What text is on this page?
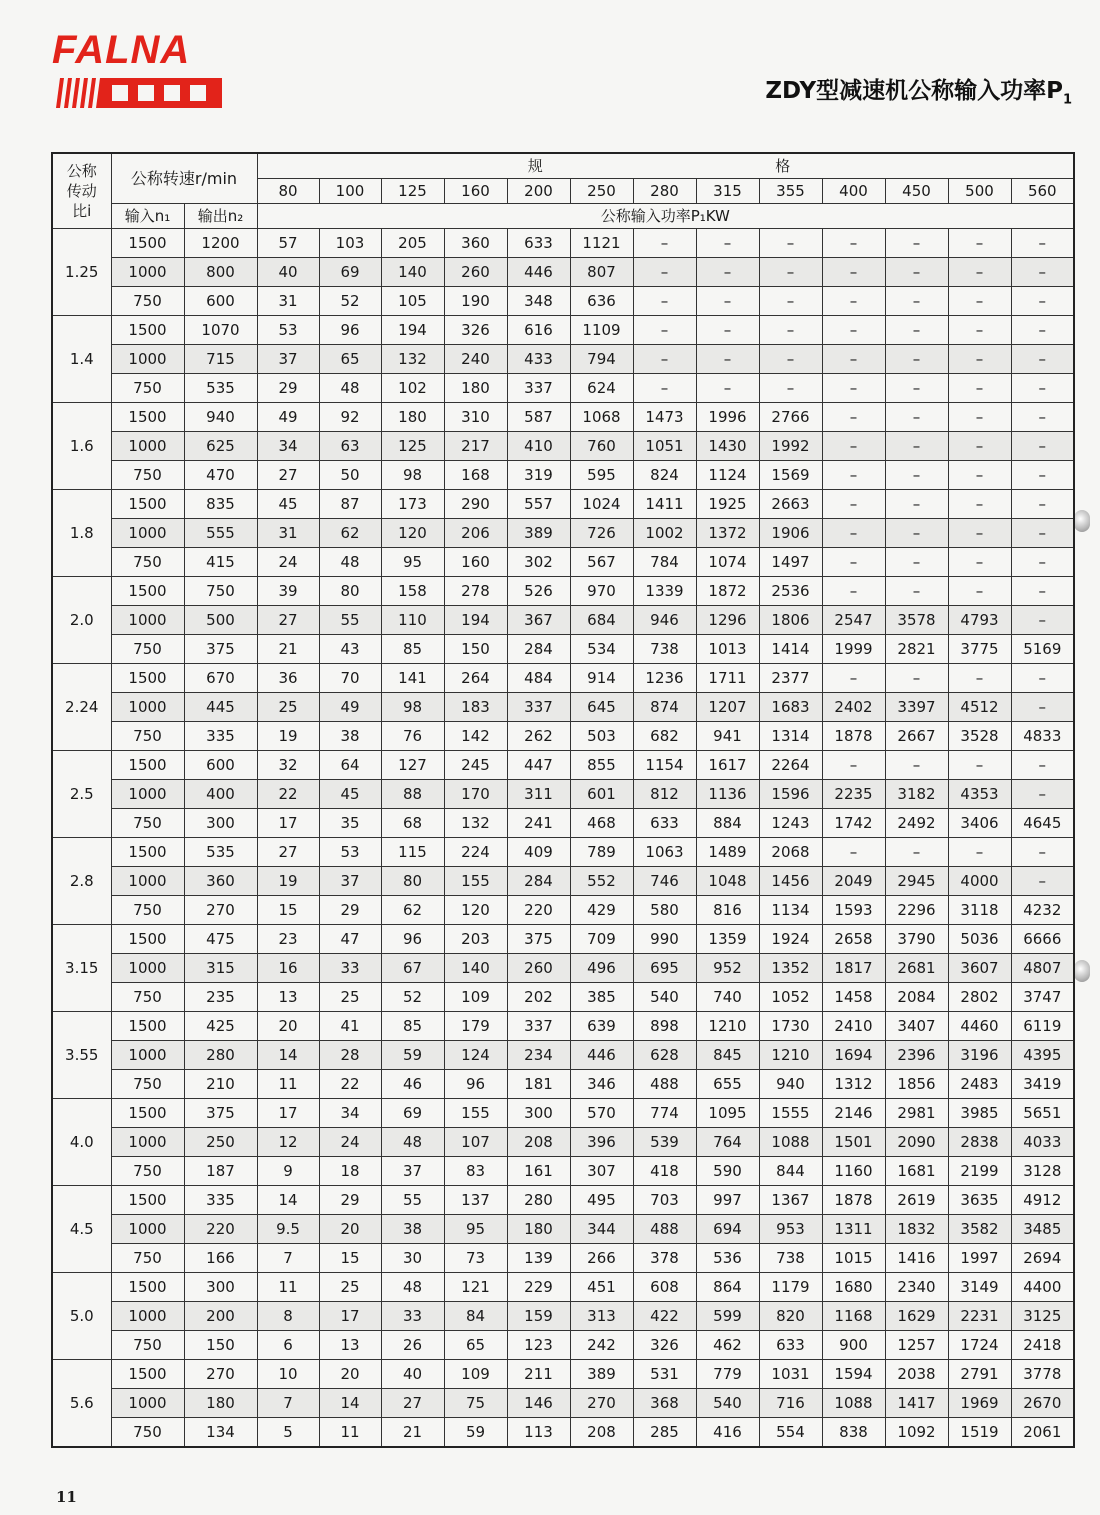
FALNA
ZDY型减速机公称输入功率$P_1$
公称
传动
比i	公称转速r/min		规 格												
			80	100	125	160	200	250	280	315	355	400	450	500	560
	输入n₁	输出n₂	公称输入功率P₁KW												
1.25	1500	1200	57	103	205	360	633	1121	–	–	–	–	–	–	–
	1000	800	40	69	140	260	446	807	–	–	–	–	–	–	–
	750	600	31	52	105	190	348	636	–	–	–	–	–	–	–
1.4	1500	1070	53	96	194	326	616	1109	–	–	–	–	–	–	–
	1000	715	37	65	132	240	433	794	–	–	–	–	–	–	–
	750	535	29	48	102	180	337	624	–	–	–	–	–	–	–
1.6	1500	940	49	92	180	310	587	1068	1473	1996	2766	–	–	–	–
	1000	625	34	63	125	217	410	760	1051	1430	1992	–	–	–	–
	750	470	27	50	98	168	319	595	824	1124	1569	–	–	–	–
1.8	1500	835	45	87	173	290	557	1024	1411	1925	2663	–	–	–	–
	1000	555	31	62	120	206	389	726	1002	1372	1906	–	–	–	–
	750	415	24	48	95	160	302	567	784	1074	1497	–	–	–	–
2.0	1500	750	39	80	158	278	526	970	1339	1872	2536	–	–	–	–
	1000	500	27	55	110	194	367	684	946	1296	1806	2547	3578	4793	–
	750	375	21	43	85	150	284	534	738	1013	1414	1999	2821	3775	5169
2.24	1500	670	36	70	141	264	484	914	1236	1711	2377	–	–	–	–
	1000	445	25	49	98	183	337	645	874	1207	1683	2402	3397	4512	–
	750	335	19	38	76	142	262	503	682	941	1314	1878	2667	3528	4833
2.5	1500	600	32	64	127	245	447	855	1154	1617	2264	–	–	–	–
	1000	400	22	45	88	170	311	601	812	1136	1596	2235	3182	4353	–
	750	300	17	35	68	132	241	468	633	884	1243	1742	2492	3406	4645
2.8	1500	535	27	53	115	224	409	789	1063	1489	2068	–	–	–	–
	1000	360	19	37	80	155	284	552	746	1048	1456	2049	2945	4000	–
	750	270	15	29	62	120	220	429	580	816	1134	1593	2296	3118	4232
3.15	1500	475	23	47	96	203	375	709	990	1359	1924	2658	3790	5036	6666
	1000	315	16	33	67	140	260	496	695	952	1352	1817	2681	3607	4807
	750	235	13	25	52	109	202	385	540	740	1052	1458	2084	2802	3747
3.55	1500	425	20	41	85	179	337	639	898	1210	1730	2410	3407	4460	6119
	1000	280	14	28	59	124	234	446	628	845	1210	1694	2396	3196	4395
	750	210	11	22	46	96	181	346	488	655	940	1312	1856	2483	3419
4.0	1500	375	17	34	69	155	300	570	774	1095	1555	2146	2981	3985	5651
	1000	250	12	24	48	107	208	396	539	764	1088	1501	2090	2838	4033
	750	187	9	18	37	83	161	307	418	590	844	1160	1681	2199	3128
4.5	1500	335	14	29	55	137	280	495	703	997	1367	1878	2619	3635	4912
	1000	220	9.5	20	38	95	180	344	488	694	953	1311	1832	3582	3485
	750	166	7	15	30	73	139	266	378	536	738	1015	1416	1997	2694
5.0	1500	300	11	25	48	121	229	451	608	864	1179	1680	2340	3149	4400
	1000	200	8	17	33	84	159	313	422	599	820	1168	1629	2231	3125
	750	150	6	13	26	65	123	242	326	462	633	900	1257	1724	2418
5.6	1500	270	10	20	40	109	211	389	531	779	1031	1594	2038	2791	3778
	1000	180	7	14	27	75	146	270	368	540	716	1088	1417	1969	2670
	750	134	5	11	21	59	113	208	285	416	554	838	1092	1519	2061
11
